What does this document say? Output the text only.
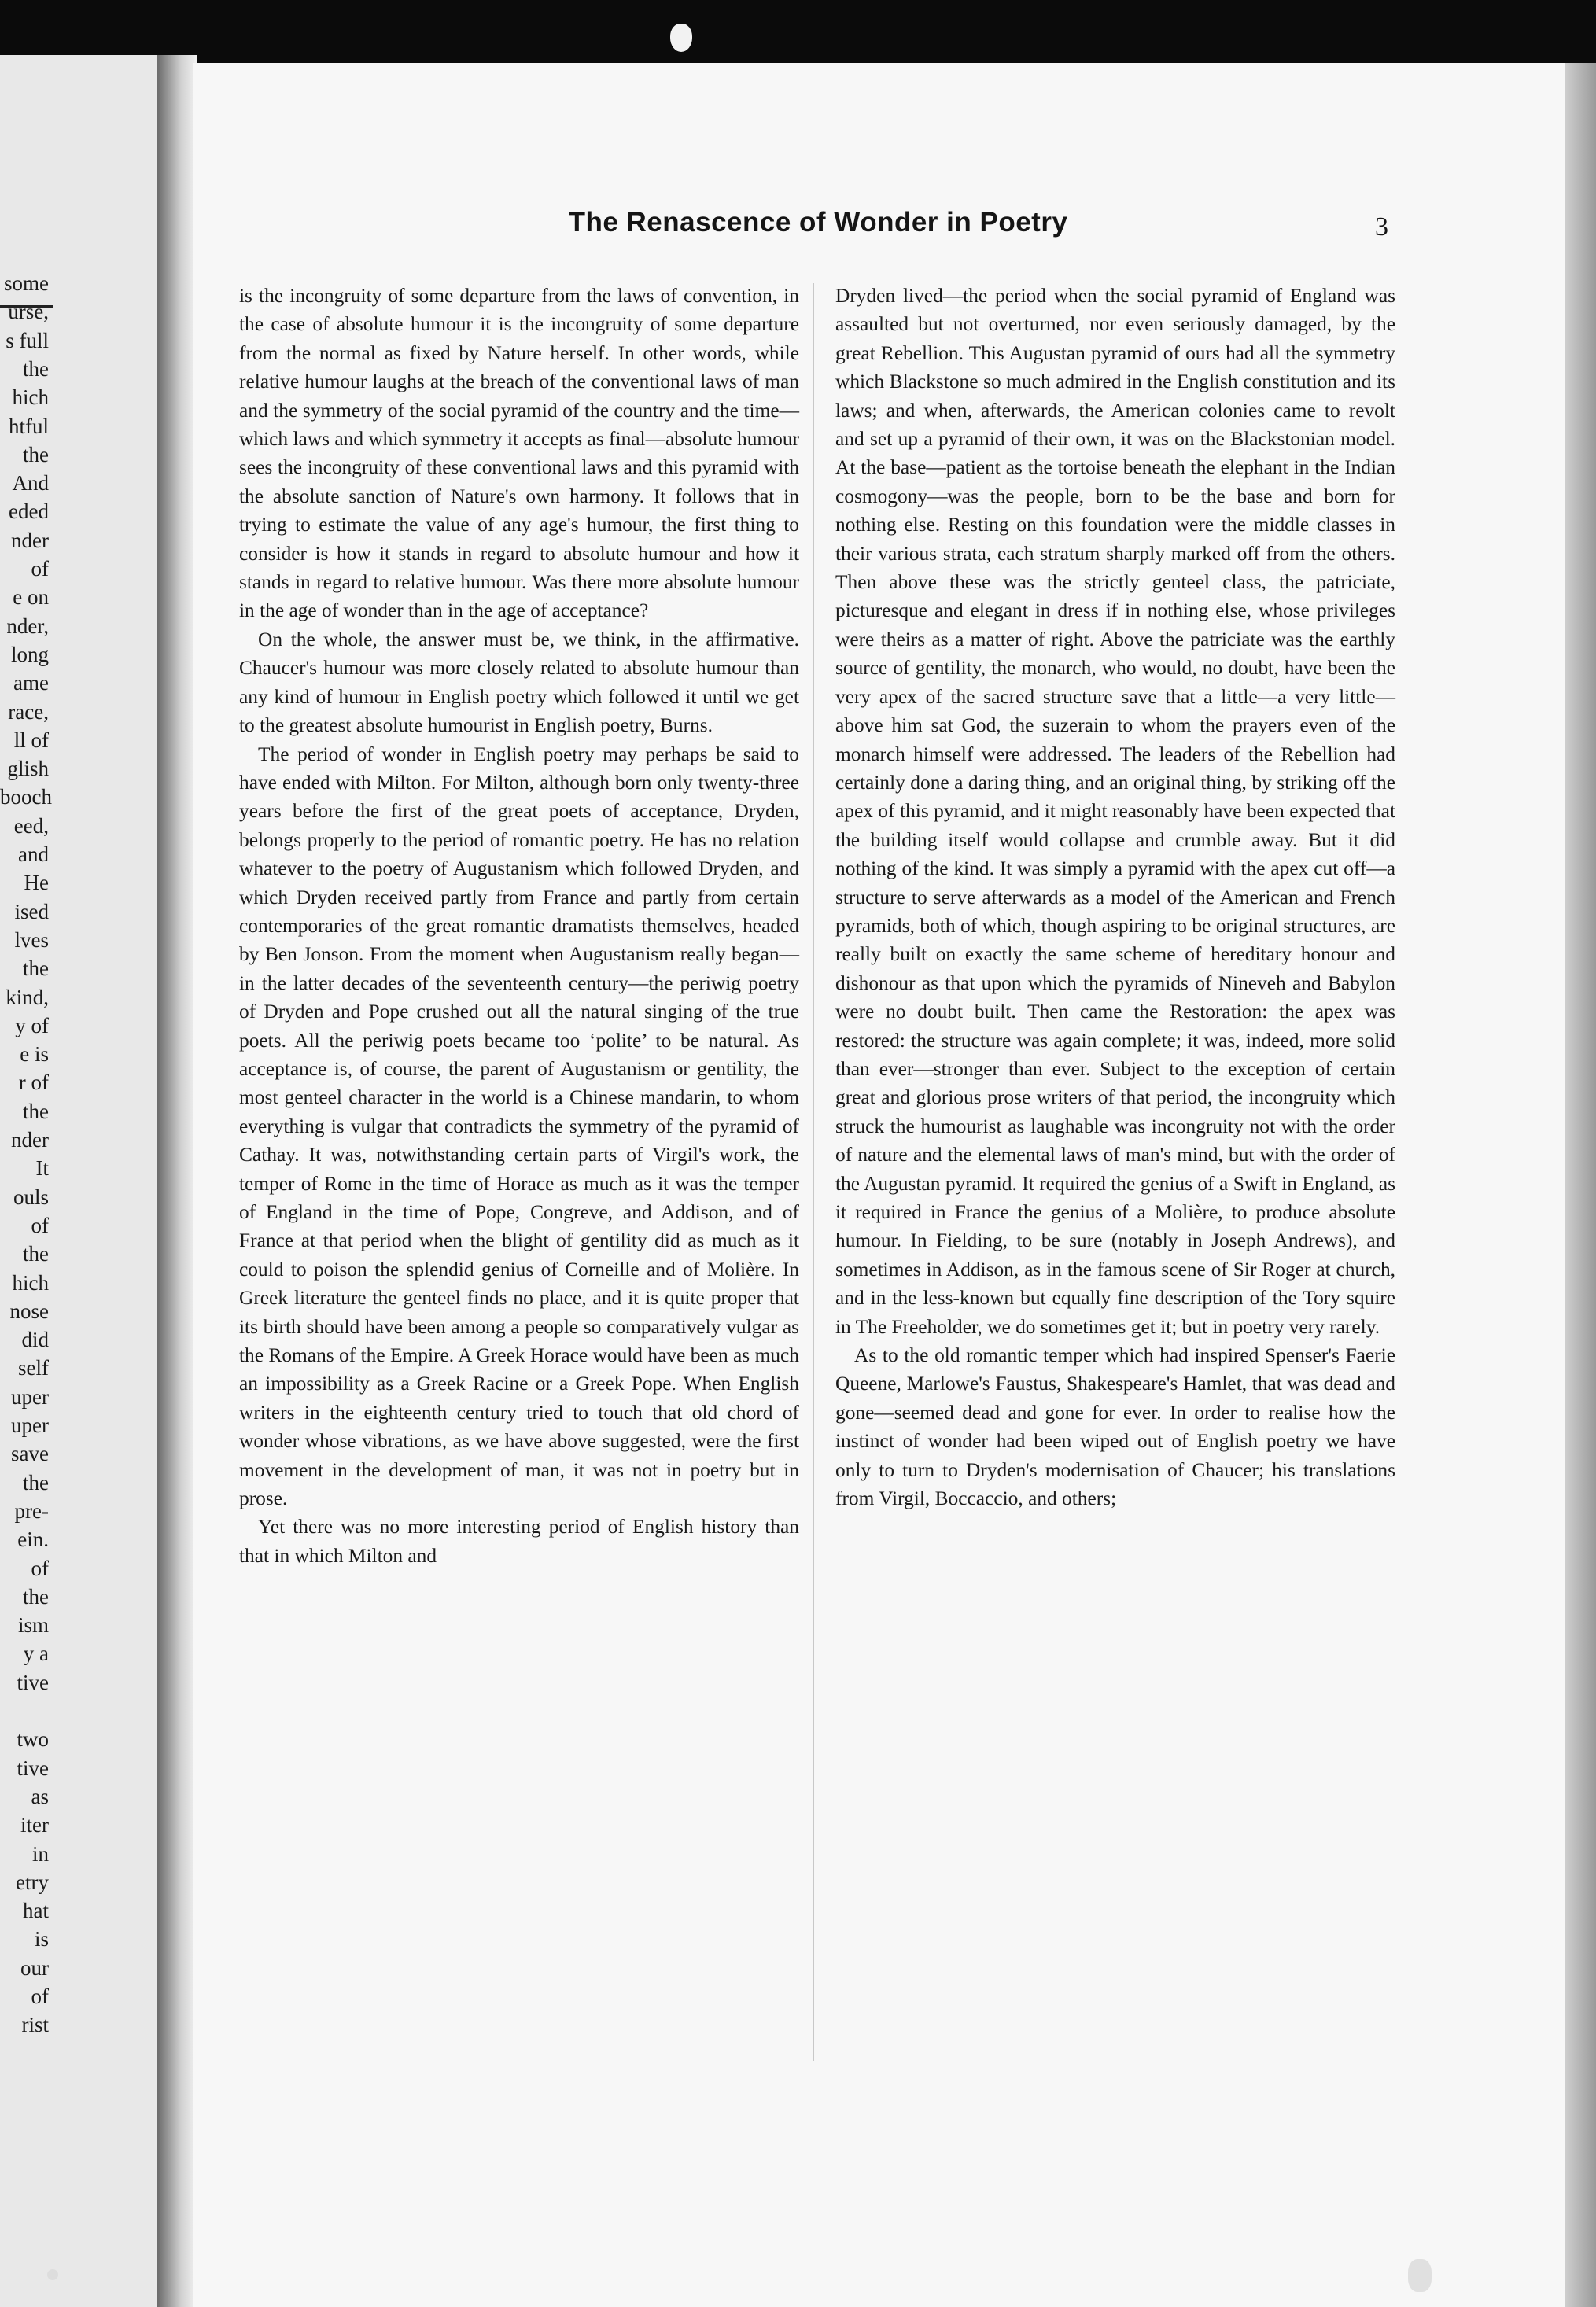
some
urse,
s full
the
hich
htful
the
And
eded
nder
of
e on
nder,
long
ame
race,
ll of
glish
booch
eed,
and
He
ised
lves
the
kind,
y of
e is
r of
the
nder
It
ouls
of
the
hich
nose
did
self
uper
uper
save
the
pre-
ein.
of
the
ism
y a
tive
two
tive
as
iter
in
etry
hat
is
our
of
rist
The Renascence of Wonder in Poetry	3

is the incongruity of some departure from the laws of convention, in the case of absolute humour it is the incongruity of some departure from the normal as fixed by Nature herself. In other words, while relative humour laughs at the breach of the conventional laws of man and the symmetry of the social pyramid of the country and the time—which laws and which symmetry it accepts as final—absolute humour sees the incongruity of these conventional laws and this pyramid with the absolute sanction of Nature's own harmony. It follows that in trying to estimate the value of any age's humour, the first thing to consider is how it stands in regard to absolute humour and how it stands in regard to relative humour. Was there more absolute humour in the age of wonder than in the age of acceptance?

On the whole, the answer must be, we think, in the affirmative. Chaucer's humour was more closely related to absolute humour than any kind of humour in English poetry which followed it until we get to the greatest absolute humourist in English poetry, Burns.

The period of wonder in English poetry may perhaps be said to have ended with Milton. For Milton, although born only twenty-three years before the first of the great poets of acceptance, Dryden, belongs properly to the period of romantic poetry. He has no relation whatever to the poetry of Augustanism which followed Dryden, and which Dryden received partly from France and partly from certain contemporaries of the great romantic dramatists themselves, headed by Ben Jonson. From the moment when Augustanism really began—in the latter decades of the seventeenth century—the periwig poetry of Dryden and Pope crushed out all the natural singing of the true poets. All the periwig poets became too ‘polite’ to be natural. As acceptance is, of course, the parent of Augustanism or gentility, the most genteel character in the world is a Chinese mandarin, to whom everything is vulgar that contradicts the symmetry of the pyramid of Cathay. It was, notwithstanding certain parts of Virgil's work, the temper of Rome in the time of Horace as much as it was the temper of England in the time of Pope, Congreve, and Addison, and of France at that period when the blight of gentility did as much as it could to poison the splendid genius of Corneille and of Molière. In Greek literature the genteel finds no place, and it is quite proper that its birth should have been among a people so comparatively vulgar as the Romans of the Empire. A Greek Horace would have been as much an impossibility as a Greek Racine or a Greek Pope. When English writers in the eighteenth century tried to touch that old chord of wonder whose vibrations, as we have above suggested, were the first movement in the development of man, it was not in poetry but in prose.

Yet there was no more interesting period of English history than that in which Milton and

Dryden lived—the period when the social pyramid of England was assaulted but not overturned, nor even seriously damaged, by the great Rebellion. This Augustan pyramid of ours had all the symmetry which Blackstone so much admired in the English constitution and its laws; and when, afterwards, the American colonies came to revolt and set up a pyramid of their own, it was on the Blackstonian model. At the base—patient as the tortoise beneath the elephant in the Indian cosmogony—was the people, born to be the base and born for nothing else. Resting on this foundation were the middle classes in their various strata, each stratum sharply marked off from the others. Then above these was the strictly genteel class, the patriciate, picturesque and elegant in dress if in nothing else, whose privileges were theirs as a matter of right. Above the patriciate was the earthly source of gentility, the monarch, who would, no doubt, have been the very apex of the sacred structure save that a little—a very little—above him sat God, the suzerain to whom the prayers even of the monarch himself were addressed. The leaders of the Rebellion had certainly done a daring thing, and an original thing, by striking off the apex of this pyramid, and it might reasonably have been expected that the building itself would collapse and crumble away. But it did nothing of the kind. It was simply a pyramid with the apex cut off—a structure to serve afterwards as a model of the American and French pyramids, both of which, though aspiring to be original structures, are really built on exactly the same scheme of hereditary honour and dishonour as that upon which the pyramids of Nineveh and Babylon were no doubt built. Then came the Restoration: the apex was restored: the structure was again complete; it was, indeed, more solid than ever—stronger than ever. Subject to the exception of certain great and glorious prose writers of that period, the incongruity which struck the humourist as laughable was incongruity not with the order of nature and the elemental laws of man's mind, but with the order of the Augustan pyramid. It required the genius of a Swift in England, as it required in France the genius of a Molière, to produce absolute humour. In Fielding, to be sure (notably in Joseph Andrews), and sometimes in Addison, as in the famous scene of Sir Roger at church, and in the less-known but equally fine description of the Tory squire in The Freeholder, we do sometimes get it; but in poetry very rarely.

As to the old romantic temper which had inspired Spenser's Faerie Queene, Marlowe's Faustus, Shakespeare's Hamlet, that was dead and gone—seemed dead and gone for ever. In order to realise how the instinct of wonder had been wiped out of English poetry we have only to turn to Dryden's modernisation of Chaucer; his translations from Virgil, Boccaccio, and others;
